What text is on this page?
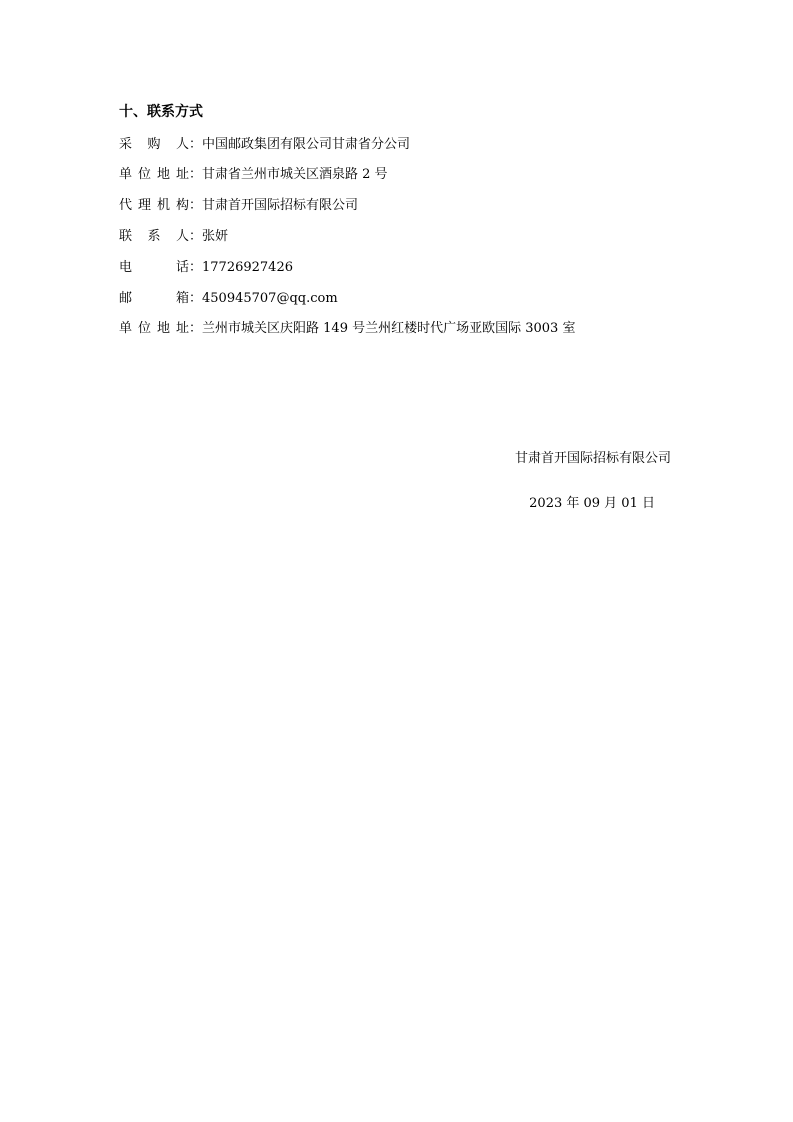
十、联系方式
采 购 人：中国邮政集团有限公司甘肃省分公司
单位地址：甘肃省兰州市城关区酒泉路 2 号
代理机构：甘肃首开国际招标有限公司
联 系 人：张妍
电 话：17726927426
邮 箱：450945707@qq.com
单位地址：兰州市城关区庆阳路 149 号兰州红楼时代广场亚欧国际 3003 室
甘肃首开国际招标有限公司
2023 年 09 月 01 日
